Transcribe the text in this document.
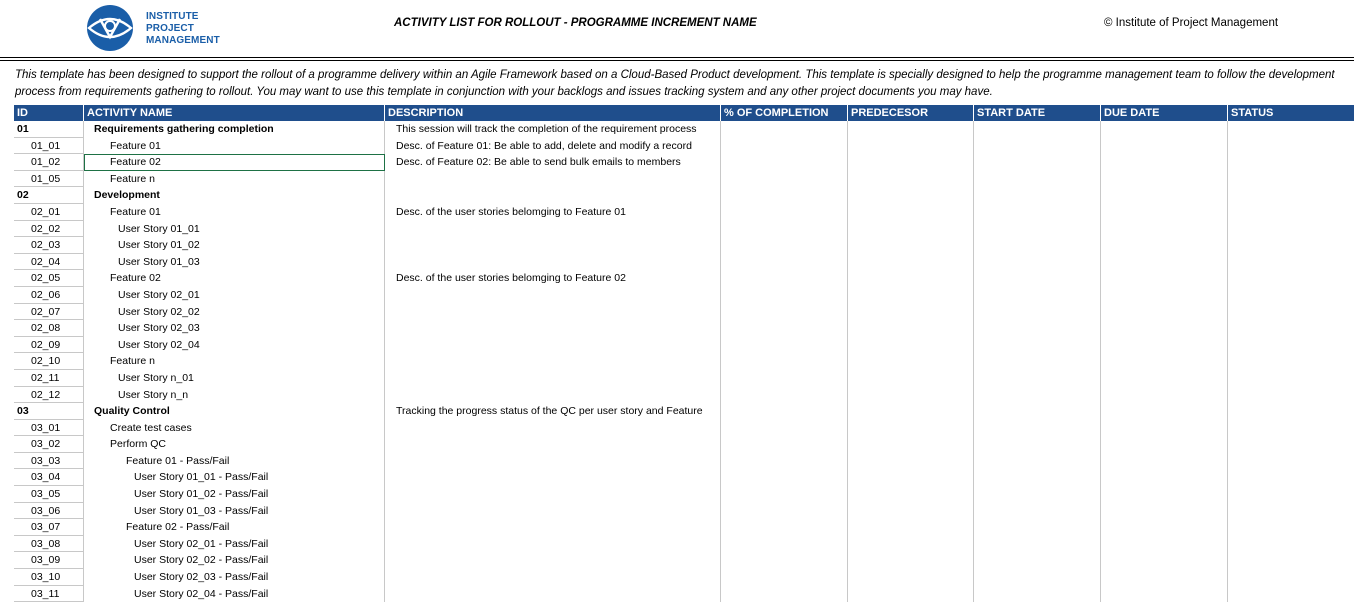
INSTITUTE
PROJECT
MANAGEMENT
ACTIVITY LIST FOR ROLLOUT - PROGRAMME INCREMENT NAME	© Institute of Project Management
This template has been designed to support the rollout of a programme delivery within an Agile Framework based on a Cloud-Based Product development. This template is specially designed to help the programme management team to follow the development process from requirements gathering to rollout. You may want to use this template in conjunction with your backlogs and issues tracking system and any other project documents you may have.
ID	ACTIVITY NAME	DESCRIPTION	% OF COMPLETION	PREDECESOR	START DATE	DUE DATE	STATUS
01	Requirements gathering completion	This session will track the completion of the requirement process
01_01	Feature 01	Desc. of Feature 01: Be able to add, delete and modify a record
01_02	Feature 02	Desc. of Feature 02: Be able to send bulk emails to members
01_05	Feature n
02	Development
02_01	Feature 01	Desc. of the user stories belomging to Feature 01
02_02	User Story 01_01
02_03	User Story 01_02
02_04	User Story 01_03
02_05	Feature 02	Desc. of the user stories belomging to Feature 02
02_06	User Story 02_01
02_07	User Story 02_02
02_08	User Story 02_03
02_09	User Story 02_04
02_10	Feature n
02_11	User Story n_01
02_12	User Story n_n
03	Quality Control	Tracking the progress status of the QC per user story and Feature
03_01	Create test cases
03_02	Perform QC
03_03	Feature 01 - Pass/Fail
03_04	User Story 01_01 - Pass/Fail
03_05	User Story 01_02 - Pass/Fail
03_06	User Story 01_03 - Pass/Fail
03_07	Feature 02 - Pass/Fail
03_08	User Story 02_01 - Pass/Fail
03_09	User Story 02_02 - Pass/Fail
03_10	User Story 02_03 - Pass/Fail
03_11	User Story 02_04 - Pass/Fail
